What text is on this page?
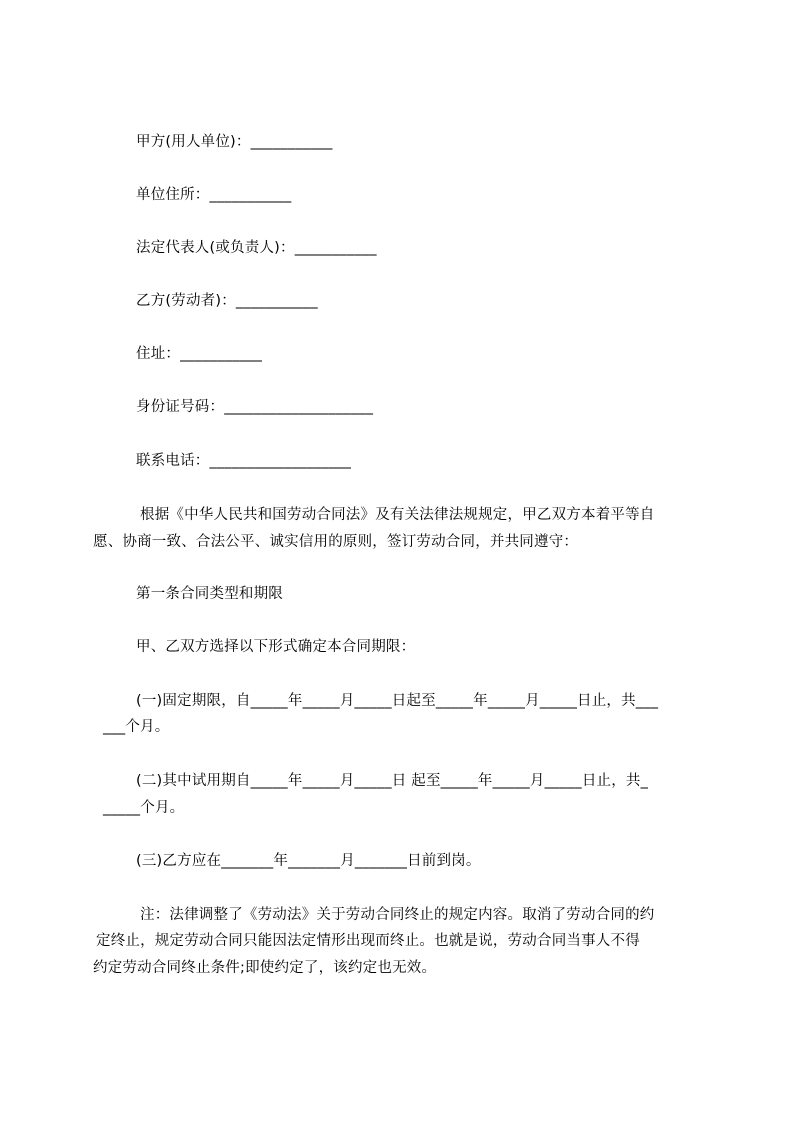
甲方(用人单位)：___________
单位住所：___________
法定代表人(或负责人)：___________
乙方(劳动者)：___________
住址：___________
身份证号码：____________________
联系电话：___________________
根据《中华人民共和国劳动合同法》及有关法律法规规定，甲乙双方本着平等自
愿、协商一致、合法公平、诚实信用的原则，签订劳动合同，并共同遵守：
第一条合同类型和期限
甲、乙双方选择以下形式确定本合同期限：
(一)固定期限，自_____年_____月_____日起至_____年_____月_____日止，共___
___个月。
(二)其中试用期自_____年_____月_____日 起至_____年_____月_____日止，共_
_____个月。
(三)乙方应在_______年_______月_______日前到岗。
注：法律调整了《劳动法》关于劳动合同终止的规定内容。取消了劳动合同的约
定终止，规定劳动合同只能因法定情形出现而终止。也就是说，劳动合同当事人不得
约定劳动合同终止条件;即使约定了，该约定也无效。
